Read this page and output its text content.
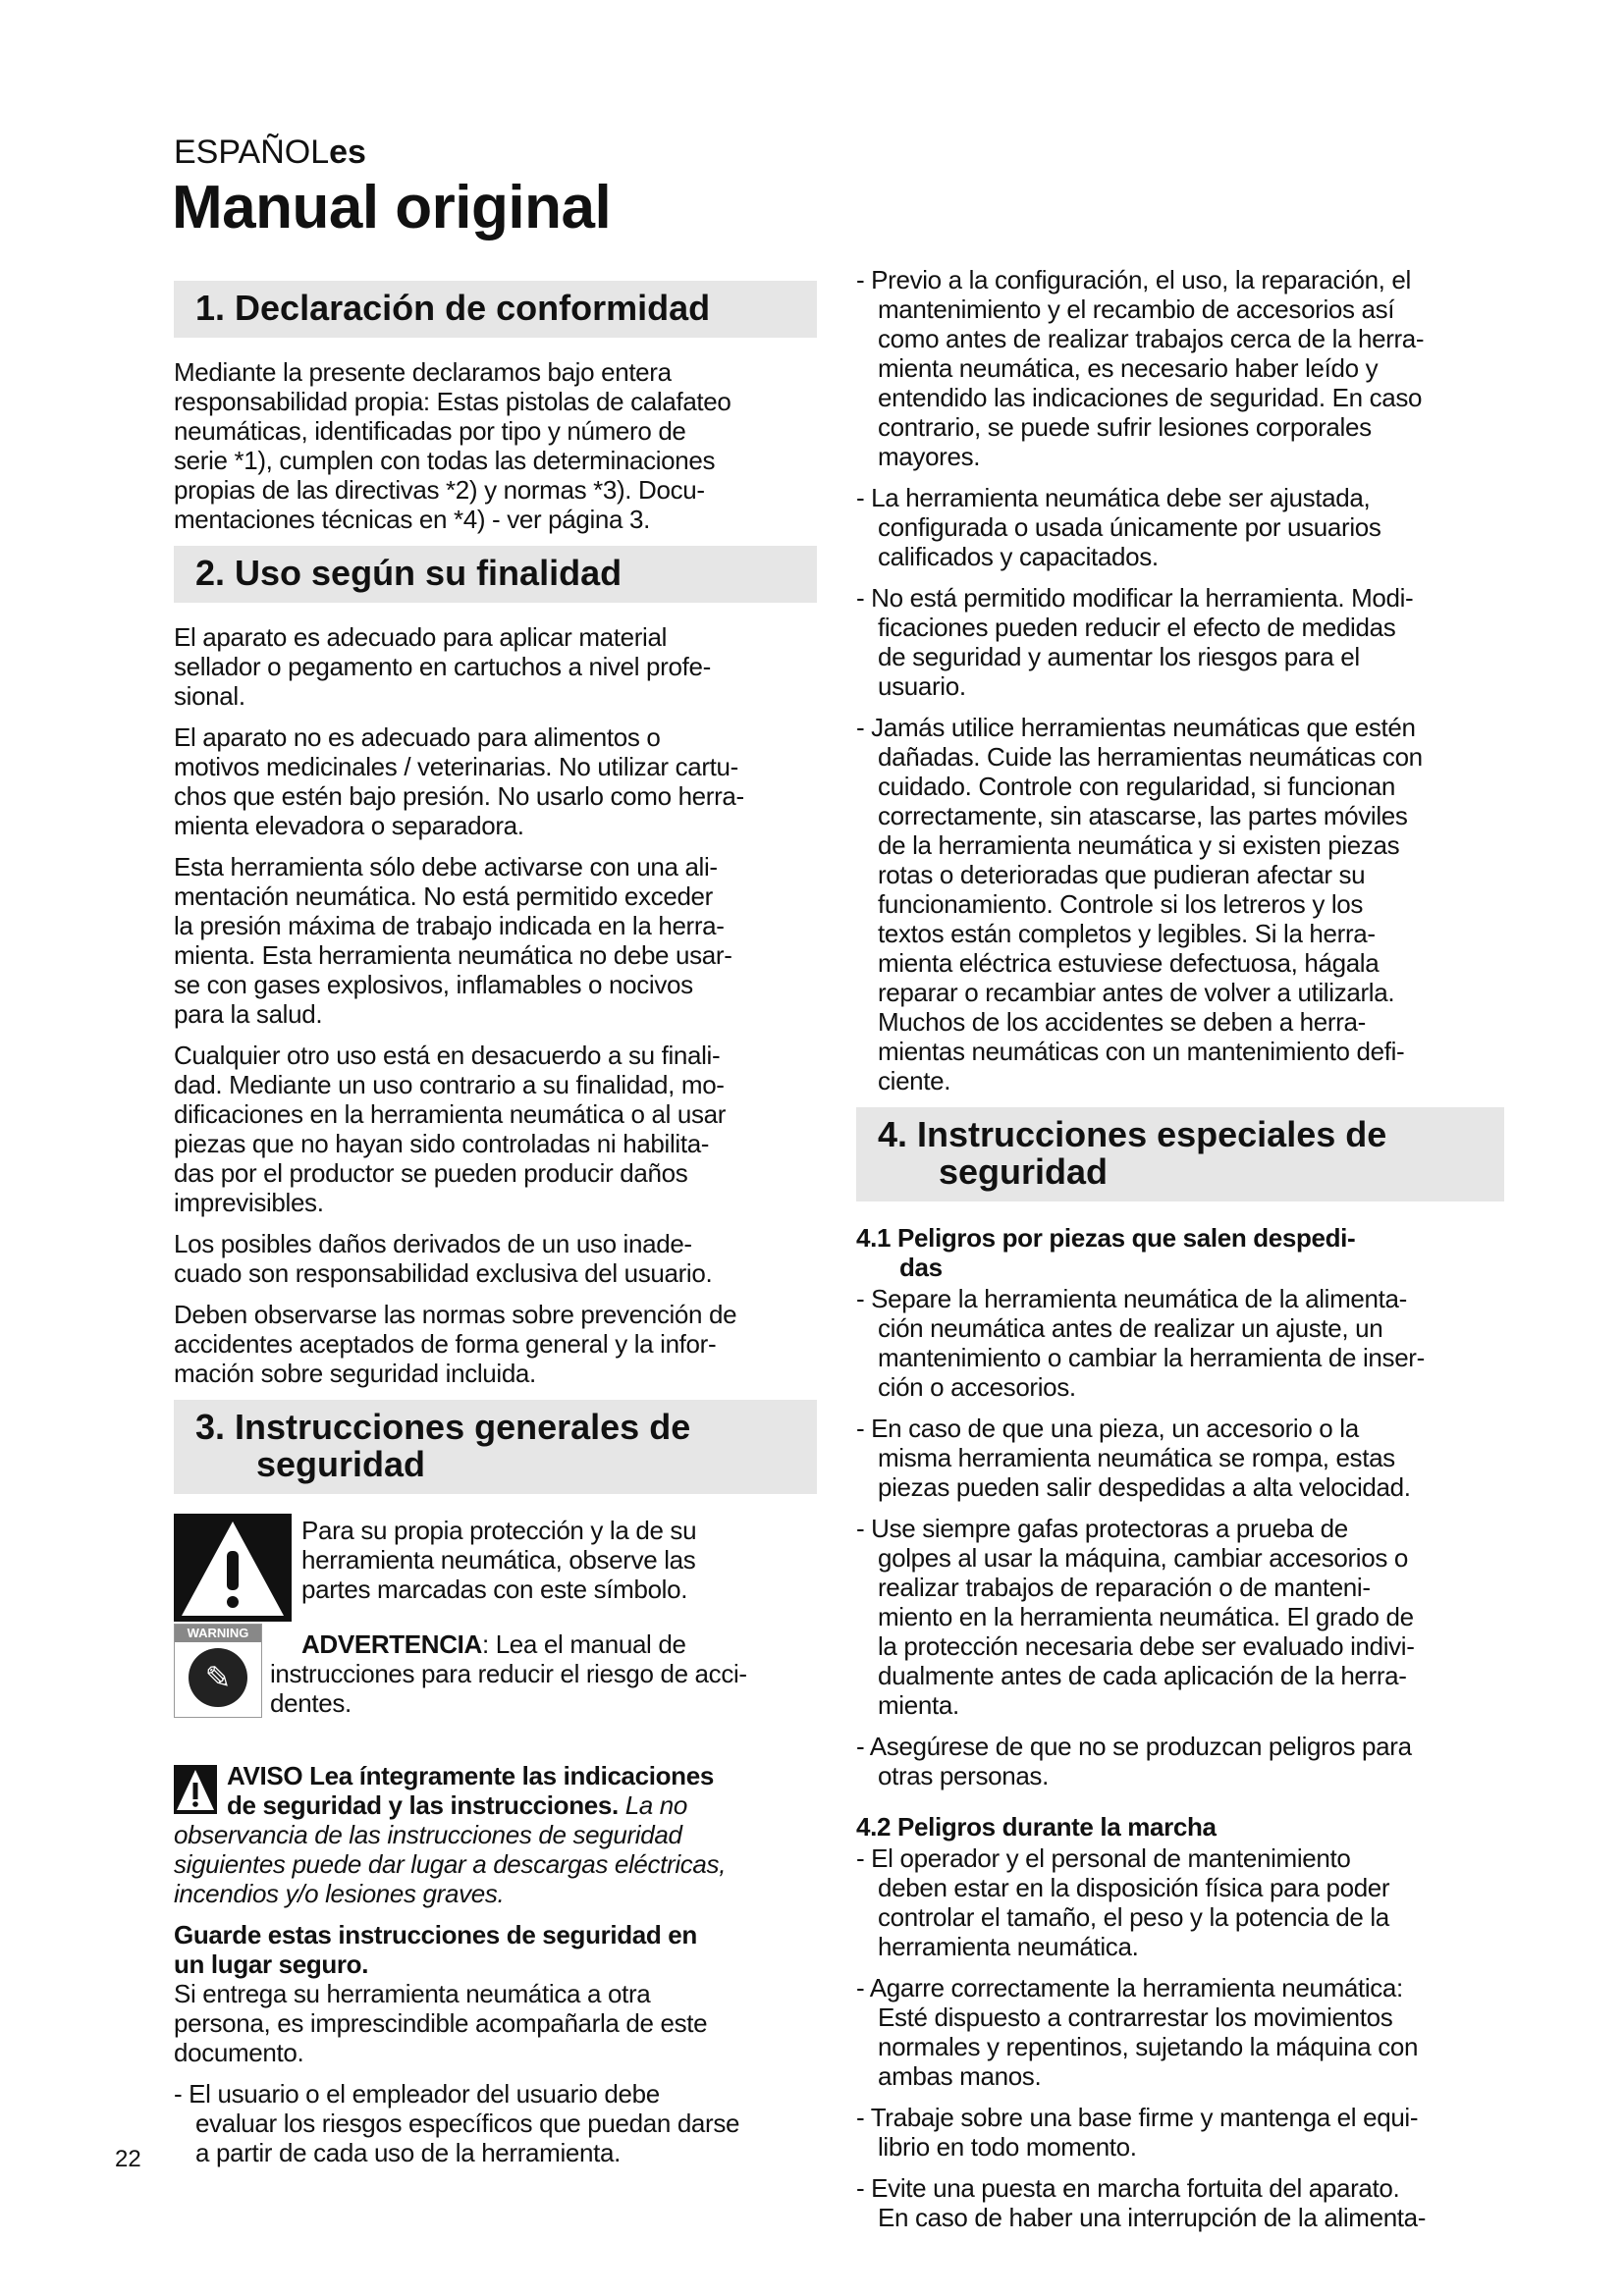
ESPAÑOLes
Manual original
1. Declaración de conformidad
Mediante la presente declaramos bajo entera
responsabilidad propia: Estas pistolas de calafateo
neumáticas, identificadas por tipo y número de
serie *1), cumplen con todas las determinaciones
propias de las directivas *2) y normas *3). Docu-
mentaciones técnicas en *4) - ver página 3.
2. Uso según su finalidad
El aparato es adecuado para aplicar material
sellador o pegamento en cartuchos a nivel profe-
sional.
El aparato no es adecuado para alimentos o
motivos medicinales / veterinarias. No utilizar cartu-
chos que estén bajo presión. No usarlo como herra-
mienta elevadora o separadora.
Esta herramienta sólo debe activarse con una ali-
mentación neumática. No está permitido exceder
la presión máxima de trabajo indicada en la herra-
mienta. Esta herramienta neumática no debe usar-
se con gases explosivos, inflamables o nocivos
para la salud.
Cualquier otro uso está en desacuerdo a su finali-
dad. Mediante un uso contrario a su finalidad, mo-
dificaciones en la herramienta neumática o al usar
piezas que no hayan sido controladas ni habilita-
das por el productor se pueden producir daños
imprevisibles.
Los posibles daños derivados de un uso inade-
cuado son responsabilidad exclusiva del usuario.
Deben observarse las normas sobre prevención de
accidentes aceptados de forma general y la infor-
mación sobre seguridad incluida.
3. Instrucciones generales de
seguridad
Para su propia protección y la de su
herramienta neumática, observe las
partes marcadas con este símbolo.
WARNING
✎
ADVERTENCIA: Lea el manual de
instrucciones para reducir el riesgo de acci-
dentes.
AVISO Lea íntegramente las indicaciones
de seguridad y las instrucciones. La no
observancia de las instrucciones de seguridad
siguientes puede dar lugar a descargas eléctricas,
incendios y/o lesiones graves.
Guarde estas instrucciones de seguridad en
un lugar seguro.
Si entrega su herramienta neumática a otra
persona, es imprescindible acompañarla de este
documento.
- El usuario o el empleador del usuario debe
evaluar los riesgos específicos que puedan darse
a partir de cada uso de la herramienta.
- Previo a la configuración, el uso, la reparación, el
mantenimiento y el recambio de accesorios así
como antes de realizar trabajos cerca de la herra-
mienta neumática, es necesario haber leído y
entendido las indicaciones de seguridad. En caso
contrario, se puede sufrir lesiones corporales
mayores.
- La herramienta neumática debe ser ajustada,
configurada o usada únicamente por usuarios
calificados y capacitados.
- No está permitido modificar la herramienta. Modi-
ficaciones pueden reducir el efecto de medidas
de seguridad y aumentar los riesgos para el
usuario.
- Jamás utilice herramientas neumáticas que estén
dañadas. Cuide las herramientas neumáticas con
cuidado. Controle con regularidad, si funcionan
correctamente, sin atascarse, las partes móviles
de la herramienta neumática y si existen piezas
rotas o deterioradas que pudieran afectar su
funcionamiento. Controle si los letreros y los
textos están completos y legibles. Si la herra-
mienta eléctrica estuviese defectuosa, hágala
reparar o recambiar antes de volver a utilizarla.
Muchos de los accidentes se deben a herra-
mientas neumáticas con un mantenimiento defi-
ciente.
4. Instrucciones especiales de
seguridad
4.1 Peligros por piezas que salen despedi-
das
- Separe la herramienta neumática de la alimenta-
ción neumática antes de realizar un ajuste, un
mantenimiento o cambiar la herramienta de inser-
ción o accesorios.
- En caso de que una pieza, un accesorio o la
misma herramienta neumática se rompa, estas
piezas pueden salir despedidas a alta velocidad.
- Use siempre gafas protectoras a prueba de
golpes al usar la máquina, cambiar accesorios o
realizar trabajos de reparación o de manteni-
miento en la herramienta neumática. El grado de
la protección necesaria debe ser evaluado indivi-
dualmente antes de cada aplicación de la herra-
mienta.
- Asegúrese de que no se produzcan peligros para
otras personas.
4.2 Peligros durante la marcha
- El operador y el personal de mantenimiento
deben estar en la disposición física para poder
controlar el tamaño, el peso y la potencia de la
herramienta neumática.
- Agarre correctamente la herramienta neumática:
Esté dispuesto a contrarrestar los movimientos
normales y repentinos, sujetando la máquina con
ambas manos.
- Trabaje sobre una base firme y mantenga el equi-
librio en todo momento.
- Evite una puesta en marcha fortuita del aparato.
En caso de haber una interrupción de la alimenta-
22
